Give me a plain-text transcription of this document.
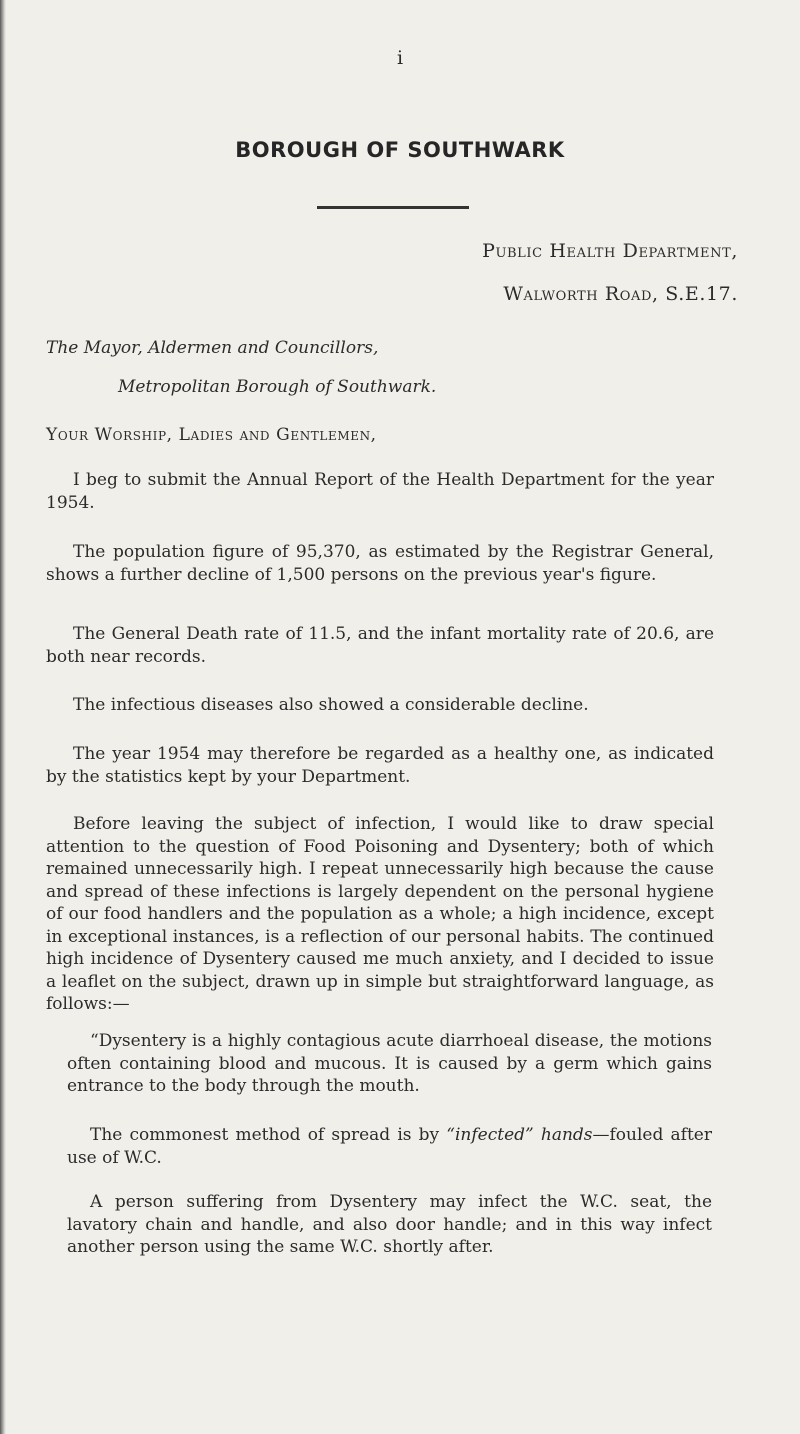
i
BOROUGH OF SOUTHWARK
Public Health Department,
Walworth Road, S.E.17.
The Mayor, Aldermen and Councillors,
Metropolitan Borough of Southwark.
Your Worship, Ladies and Gentlemen,
I beg to submit the Annual Report of the Health Department for the year 1954.
The population figure of 95,370, as estimated by the Registrar General, shows a further decline of 1,500 persons on the previous year's figure.
The General Death rate of 11.5, and the infant mortality rate of 20.6, are both near records.
The infectious diseases also showed a considerable decline.
The year 1954 may therefore be regarded as a healthy one, as indicated by the statistics kept by your Department.
Before leaving the subject of infection, I would like to draw special attention to the question of Food Poisoning and Dysentery; both of which remained unnecessarily high. I repeat unnecessarily high because the cause and spread of these infections is largely dependent on the personal hygiene of our food handlers and the population as a whole; a high incidence, except in exceptional instances, is a reflection of our personal habits. The continued high incidence of Dysentery caused me much anxiety, and I decided to issue a leaflet on the subject, drawn up in simple but straightforward language, as follows:—
“Dysentery is a highly contagious acute diarrhoeal disease, the motions often containing blood and mucous. It is caused by a germ which gains entrance to the body through the mouth.
The commonest method of spread is by “infected” hands—fouled after use of W.C.
A person suffering from Dysentery may infect the W.C. seat, the lavatory chain and handle, and also door handle; and in this way infect another person using the same W.C. shortly after.
